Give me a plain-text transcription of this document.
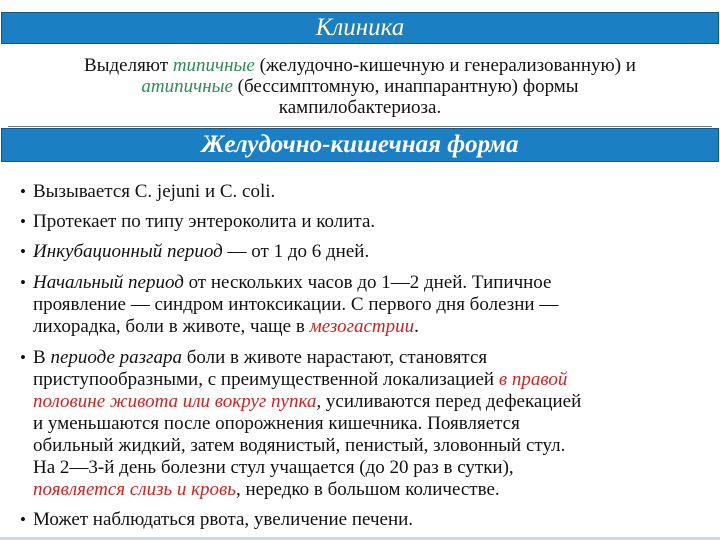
Клиника
Выделяют типичные (желудочно-кишечную и генерализованную) и
атипичные (бессимптомную, инаппарантную) формы
кампилобактериоза.
Желудочно-кишечная форма
• Вызывается C. jejuni и C. coli.
• Протекает по типу энтероколита и колита.
• Инкубационный период — от 1 до 6 дней.
• Начальный период от нескольких часов до 1—2 дней. Типичное
проявление — синдром интоксикации. С первого дня болезни —
лихорадка, боли в животе, чаще в мезогастрии.
• В периоде разгара боли в животе нарастают, становятся
приступообразными, с преимущественной локализацией в правой
половине живота или вокруг пупка, усиливаются перед дефекацией
и уменьшаются после опорожнения кишечника. Появляется
обильный жидкий, затем водянистый, пенистый, зловонный стул.
На 2—3-й день болезни стул учащается (до 20 раз в сутки),
появляется слизь и кровь, нередко в большом количестве.
• Может наблюдаться рвота, увеличение печени.
